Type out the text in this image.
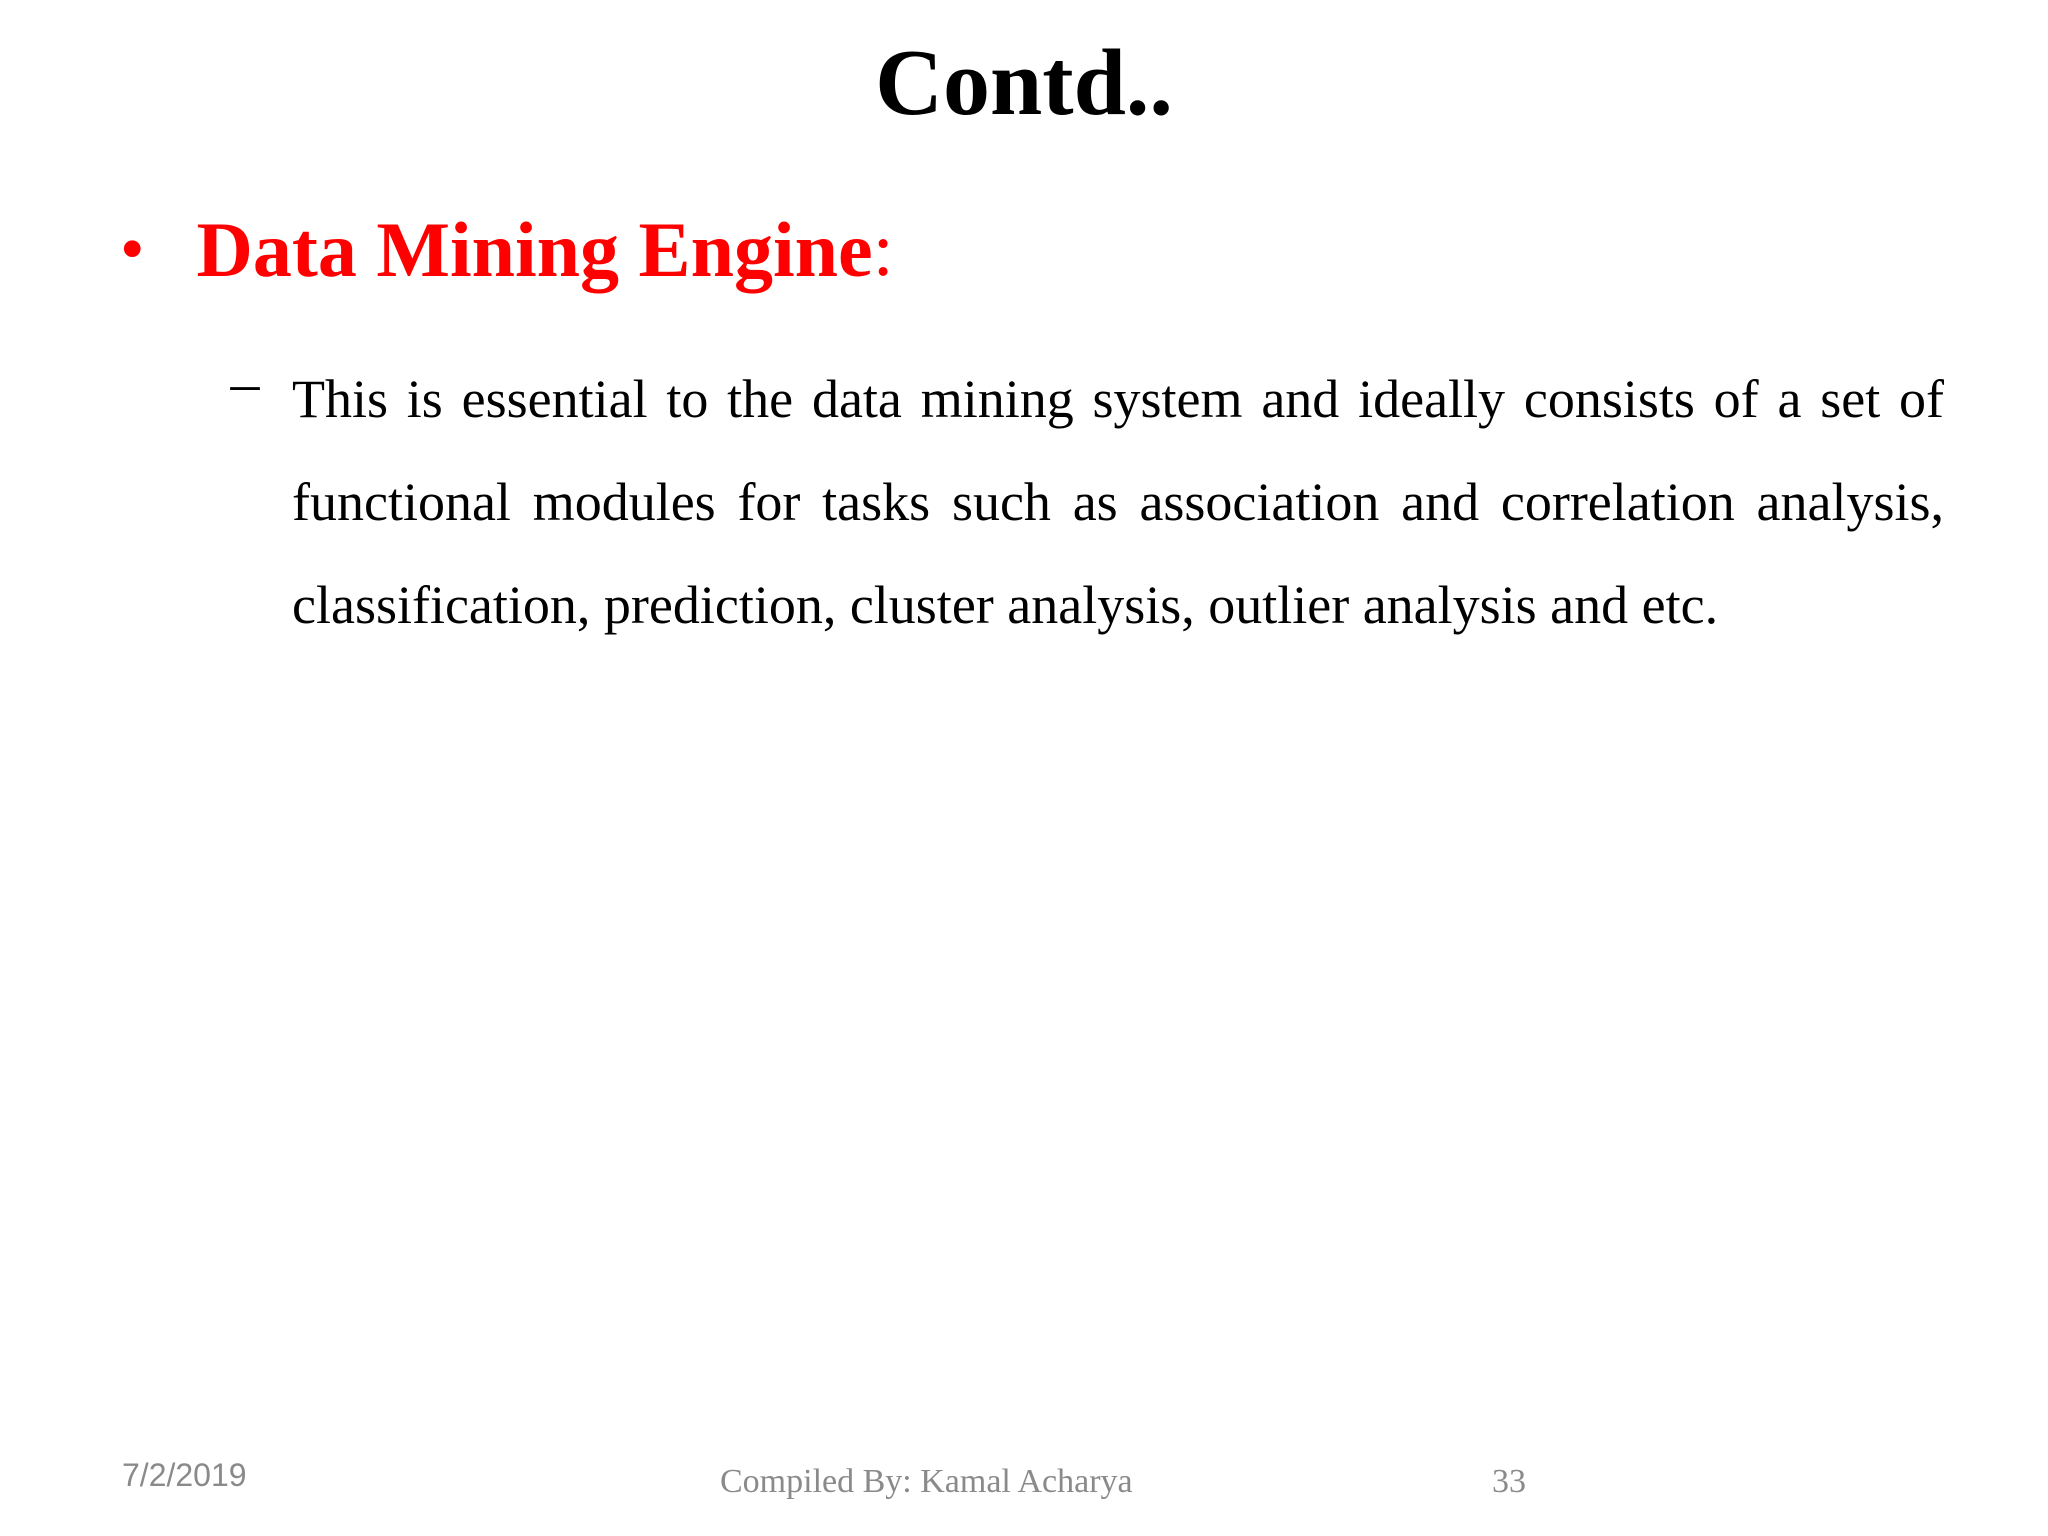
Contd..
• Data Mining Engine :
– This is essential to the data mining system and ideally consists of a set of functional modules for tasks such as association and correlation analysis, classification, prediction, cluster analysis, outlier analysis and etc.

7/2/2019	Compiled By: Kamal Acharya	33
